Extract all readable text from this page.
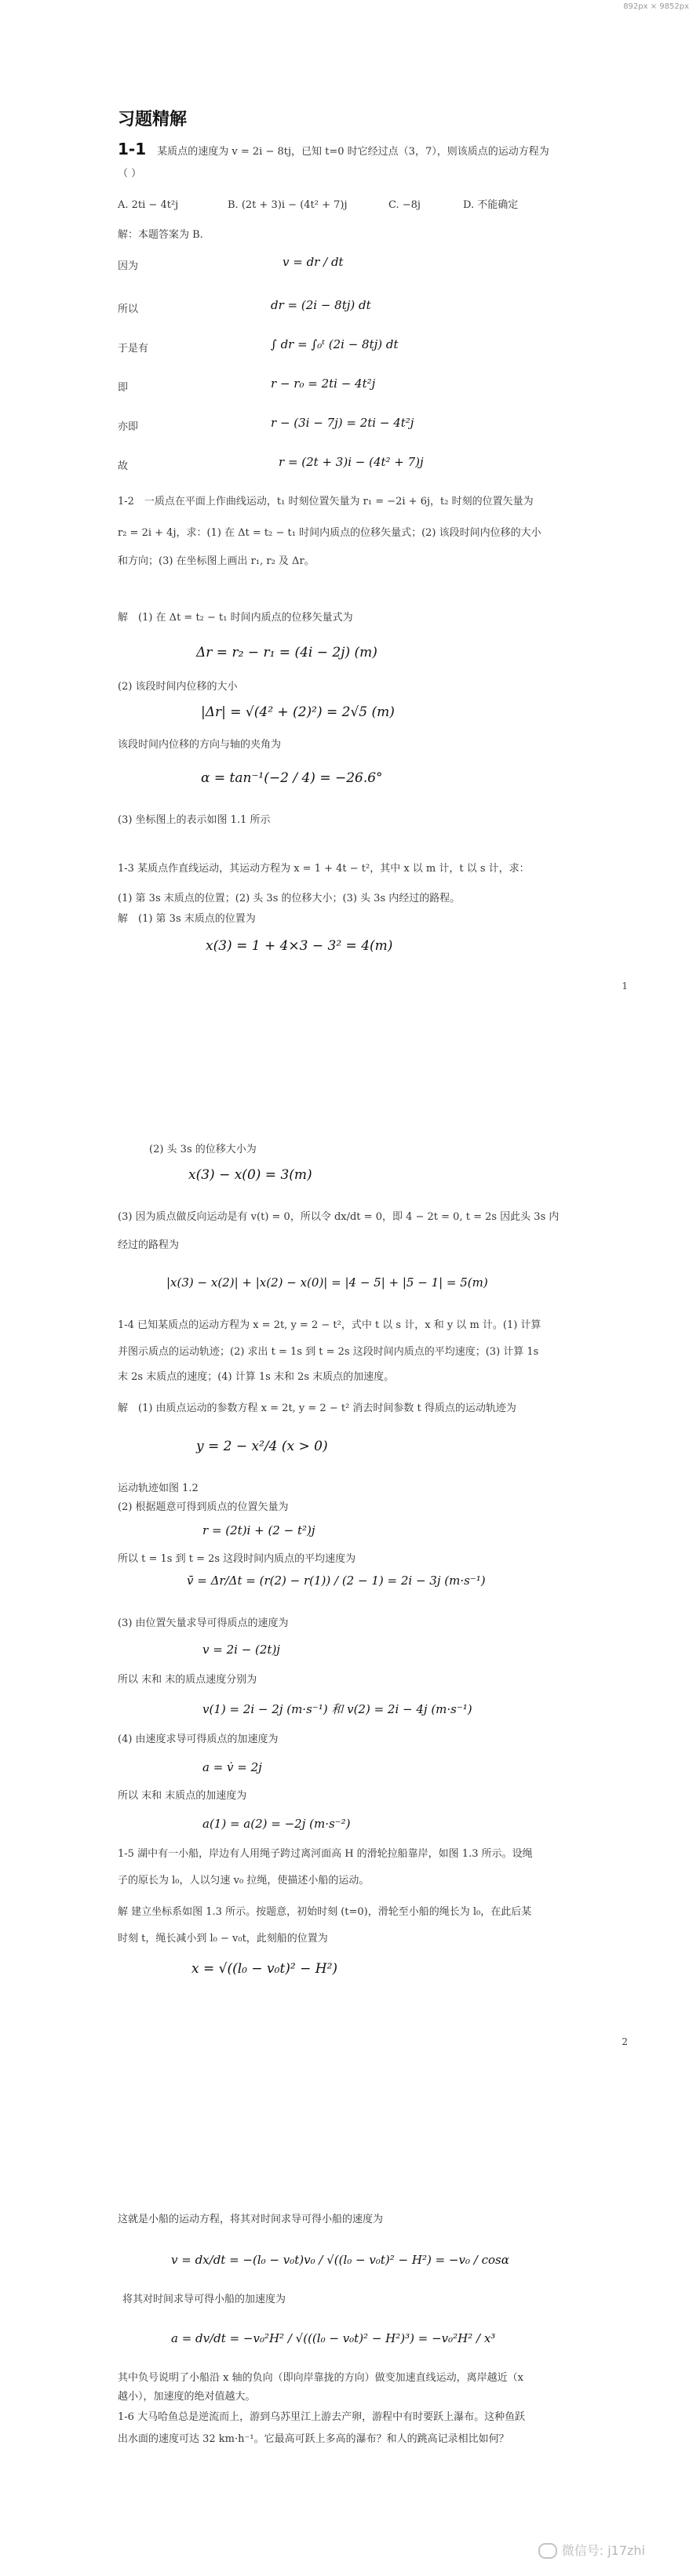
892px × 9852px
习题精解
1-1 某质点的速度为 v = 2i − 8tj，已知 t=0 时它经过点（3，7），则该质点的运动方程为
（ ）
A. 2ti − 4t²j	B. (2t + 3)i − (4t² + 7)j	C. −8j	D. 不能确定
解：本题答案为 B.
因为	v = dr / dt
所以	dr = (2i − 8tj) dt
于是有	∫ dr = ∫₀ᵗ (2i − 8tj) dt
即	r − r₀ = 2ti − 4t²j
亦即	r − (3i − 7j) = 2ti − 4t²j
故	r = (2t + 3)i − (4t² + 7)j
1-2　一质点在平面上作曲线运动，t₁ 时刻位置矢量为 r₁ = −2i + 6j，t₂ 时刻的位置矢量为
r₂ = 2i + 4j，求：(1) 在 Δt = t₂ − t₁ 时间内质点的位移矢量式；(2) 该段时间内位移的大小
和方向；(3) 在坐标图上画出 r₁, r₂ 及 Δr。
解　(1) 在 Δt = t₂ − t₁ 时间内质点的位移矢量式为
Δr = r₂ − r₁ = (4i − 2j) (m)
(2) 该段时间内位移的大小
|Δr| = √(4² + (2)²) = 2√5 (m)
该段时间内位移的方向与轴的夹角为
α = tan⁻¹(−2 / 4) = −26.6°
(3) 坐标图上的表示如图 1.1 所示
1-3 某质点作直线运动，其运动方程为 x = 1 + 4t − t²，其中 x 以 m 计，t 以 s 计，求：
(1) 第 3s 末质点的位置；(2) 头 3s 的位移大小；(3) 头 3s 内经过的路程。
解　(1) 第 3s 末质点的位置为
x(3) = 1 + 4×3 − 3² = 4(m)
1
(2) 头 3s 的位移大小为
x(3) − x(0) = 3(m)
(3) 因为质点做反向运动是有 v(t) = 0，所以令 dx/dt = 0，即 4 − 2t = 0, t = 2s 因此头 3s 内
经过的路程为
|x(3) − x(2)| + |x(2) − x(0)| = |4 − 5| + |5 − 1| = 5(m)
1-4 已知某质点的运动方程为 x = 2t, y = 2 − t²，式中 t 以 s 计，x 和 y 以 m 计。(1) 计算
并图示质点的运动轨迹；(2) 求出 t = 1s 到 t = 2s 这段时间内质点的平均速度；(3) 计算 1s
末 2s 末质点的速度；(4) 计算 1s 末和 2s 末质点的加速度。
解　(1) 由质点运动的参数方程 x = 2t, y = 2 − t² 消去时间参数 t 得质点的运动轨迹为
y = 2 − x²/4 (x > 0)
运动轨迹如图 1.2
(2) 根据题意可得到质点的位置矢量为
r = (2t)i + (2 − t²)j
所以 t = 1s 到 t = 2s 这段时间内质点的平均速度为
v̄ = Δr/Δt = (r(2) − r(1)) / (2 − 1) = 2i − 3j (m·s⁻¹)
(3) 由位置矢量求导可得质点的速度为
v = 2i − (2t)j
所以 末和 末的质点速度分别为
v(1) = 2i − 2j (m·s⁻¹) 和 v(2) = 2i − 4j (m·s⁻¹)
(4) 由速度求导可得质点的加速度为
a = v̇ = 2j
所以 末和 末质点的加速度为
a(1) = a(2) = −2j (m·s⁻²)
1-5 湖中有一小船，岸边有人用绳子跨过离河面高 H 的滑轮拉船靠岸，如图 1.3 所示。设绳
子的原长为 l₀，人以匀速 v₀ 拉绳，使描述小船的运动。
解 建立坐标系如图 1.3 所示。按题意，初始时刻 (t=0)，滑轮至小船的绳长为 l₀，在此后某
时刻 t，绳长减小到 l₀ − v₀t，此刻船的位置为
x = √((l₀ − v₀t)² − H²)
2
这就是小船的运动方程，将其对时间求导可得小船的速度为
v = dx/dt = −(l₀ − v₀t)v₀ / √((l₀ − v₀t)² − H²) = −v₀ / cosα
将其对时间求导可得小船的加速度为
a = dv/dt = −v₀²H² / √(((l₀ − v₀t)² − H²)³) = −v₀²H² / x³
其中负号说明了小船沿 x 轴的负向（即向岸靠拢的方向）做变加速直线运动，离岸越近（x
越小），加速度的绝对值越大。
1-6 大马哈鱼总是逆流而上，游到乌苏里江上游去产卵，游程中有时要跃上瀑布。这种鱼跃
出水面的速度可达 32 km·h⁻¹。它最高可跃上多高的瀑布？和人的跳高记录相比如何？
微信号: j17zhi
